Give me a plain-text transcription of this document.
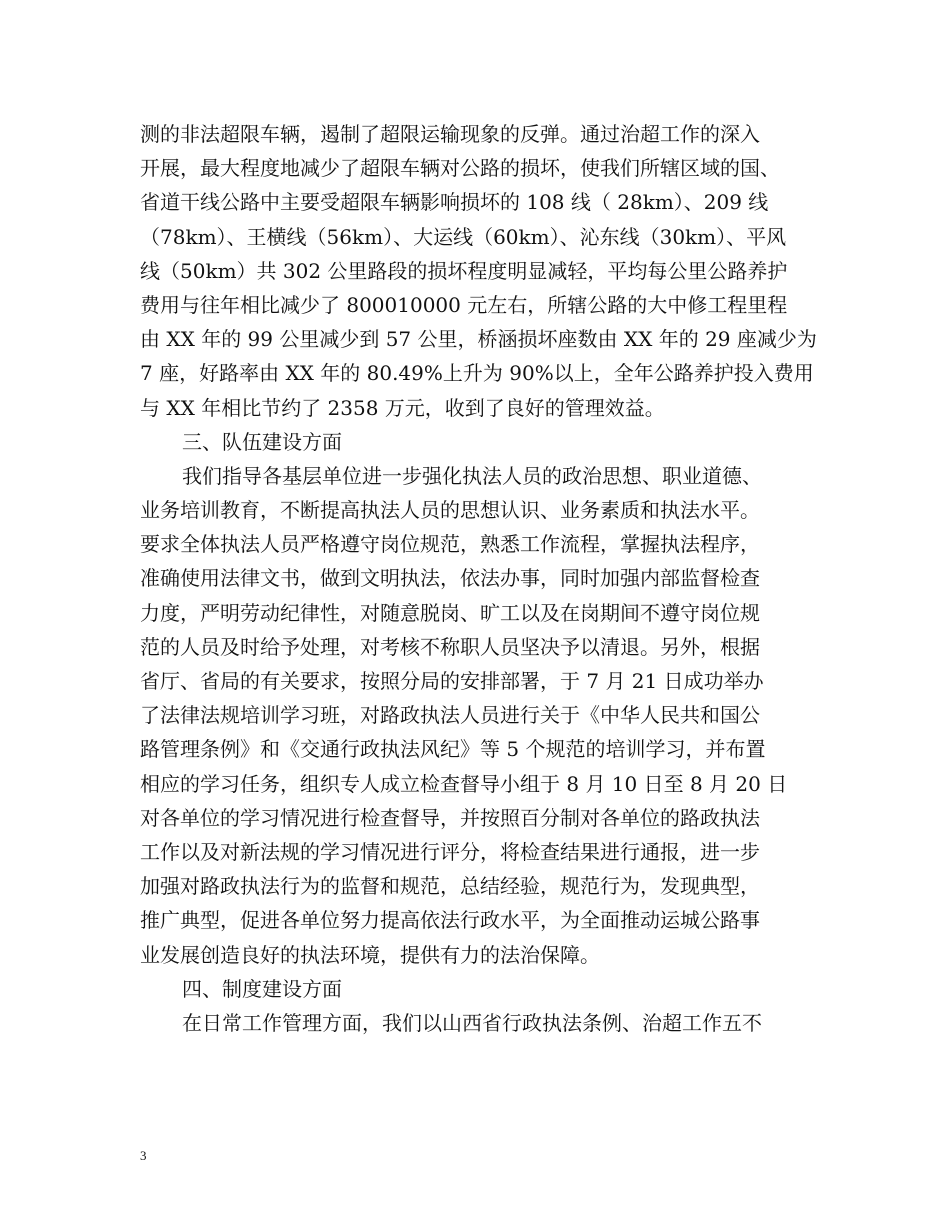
测的非法超限车辆，遏制了超限运输现象的反弹。通过治超工作的深入
开展，最大程度地减少了超限车辆对公路的损坏，使我们所辖区域的国、
省道干线公路中主要受超限车辆影响损坏的 108 线（ 28km）、209 线
（78km）、王横线（56km）、大运线（60km）、沁东线（30km）、平风
线（50km）共 302 公里路段的损坏程度明显减轻，平均每公里公路养护
费用与往年相比减少了 800010000 元左右，所辖公路的大中修工程里程
由 XX 年的 99 公里减少到 57 公里，桥涵损坏座数由 XX 年的 29 座减少为
7 座，好路率由 XX 年的 80.49%上升为 90%以上，全年公路养护投入费用
与 XX 年相比节约了 2358 万元，收到了良好的管理效益。
三、队伍建设方面
我们指导各基层单位进一步强化执法人员的政治思想、职业道德、
业务培训教育，不断提高执法人员的思想认识、业务素质和执法水平。
要求全体执法人员严格遵守岗位规范，熟悉工作流程，掌握执法程序，
准确使用法律文书，做到文明执法，依法办事，同时加强内部监督检查
力度，严明劳动纪律性，对随意脱岗、旷工以及在岗期间不遵守岗位规
范的人员及时给予处理，对考核不称职人员坚决予以清退。另外，根据
省厅、省局的有关要求，按照分局的安排部署，于 7 月 21 日成功举办
了法律法规培训学习班，对路政执法人员进行关于《中华人民共和国公
路管理条例》和《交通行政执法风纪》等 5 个规范的培训学习，并布置
相应的学习任务，组织专人成立检查督导小组于 8 月 10 日至 8 月 20 日
对各单位的学习情况进行检查督导，并按照百分制对各单位的路政执法
工作以及对新法规的学习情况进行评分，将检查结果进行通报，进一步
加强对路政执法行为的监督和规范，总结经验，规范行为，发现典型，
推广典型，促进各单位努力提高依法行政水平，为全面推动运城公路事
业发展创造良好的执法环境，提供有力的法治保障。
四、制度建设方面
在日常工作管理方面，我们以山西省行政执法条例、治超工作五不
3
